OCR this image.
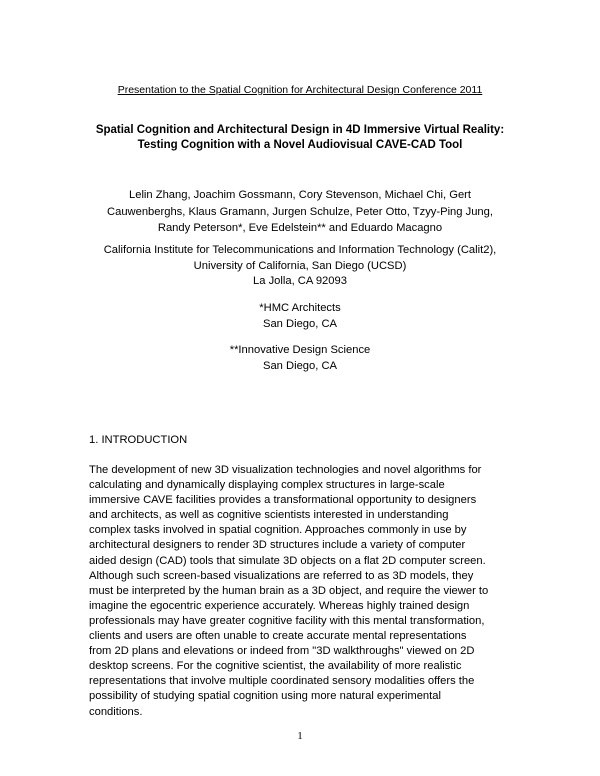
Presentation to the Spatial Cognition for Architectural Design Conference 2011
Spatial Cognition and Architectural Design in 4D Immersive Virtual Reality:
Testing Cognition with a Novel Audiovisual CAVE-CAD Tool
Lelin Zhang, Joachim Gossmann, Cory Stevenson, Michael Chi, Gert
Cauwenberghs, Klaus Gramann, Jurgen Schulze, Peter Otto, Tzyy-Ping Jung,
Randy Peterson*, Eve Edelstein** and Eduardo Macagno
California Institute for Telecommunications and Information Technology (Calit2),
University of California, San Diego (UCSD)
La Jolla, CA 92093
*HMC Architects
San Diego, CA
**Innovative Design Science
San Diego, CA
1. INTRODUCTION
The development of new 3D visualization technologies and novel algorithms for
calculating and dynamically displaying complex structures in large-scale
immersive CAVE facilities provides a transformational opportunity to designers
and architects, as well as cognitive scientists interested in understanding
complex tasks involved in spatial cognition. Approaches commonly in use by
architectural designers to render 3D structures include a variety of computer
aided design (CAD) tools that simulate 3D objects on a flat 2D computer screen.
Although such screen-based visualizations are referred to as 3D models, they
must be interpreted by the human brain as a 3D object, and require the viewer to
imagine the egocentric experience accurately. Whereas highly trained design
professionals may have greater cognitive facility with this mental transformation,
clients and users are often unable to create accurate mental representations
from 2D plans and elevations or indeed from "3D walkthroughs" viewed on 2D
desktop screens. For the cognitive scientist, the availability of more realistic
representations that involve multiple coordinated sensory modalities offers the
possibility of studying spatial cognition using more natural experimental
conditions.
1
